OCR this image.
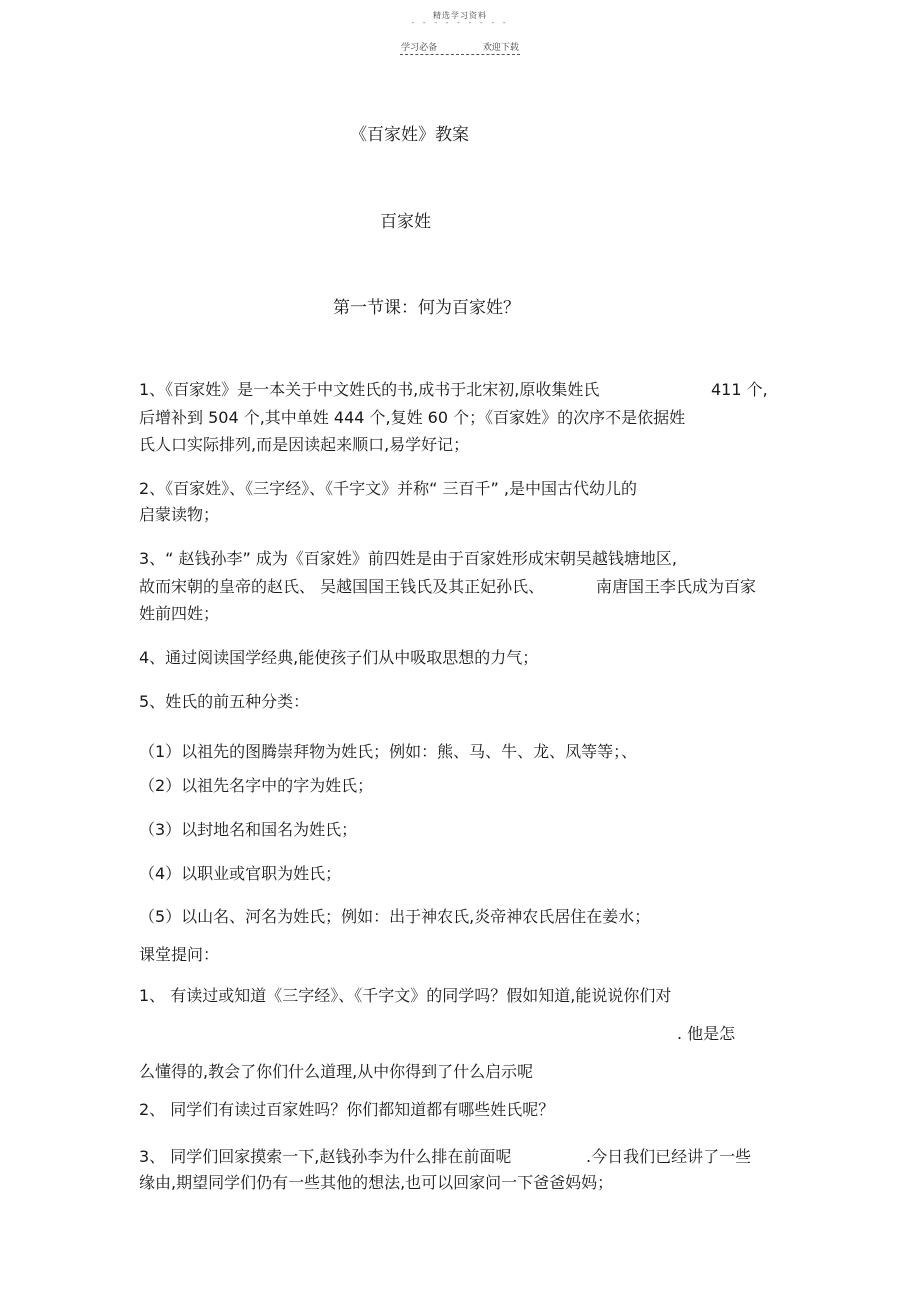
精选学习资料
- - - - - - - - -
学习必备	欢迎下载
《百家姓》教案
百家姓
第一节课：何为百家姓？
1、《百家姓》是一本关于中文姓氏的书,成书于北宋初,原收集姓氏	411 个,
后增补到 504 个,其中单姓 444 个,复姓 60 个；《百家姓》的次序不是依据姓
氏人口实际排列,而是因读起来顺口,易学好记；
2、《百家姓》、《三字经》、《千字文》并称“ 三百千” ,是中国古代幼儿的
启蒙读物；
3、“ 赵钱孙李” 成为《百家姓》前四姓是由于百家姓形成宋朝吴越钱塘地区,
故而宋朝的皇帝的赵氏、 吴越国国王钱氏及其正妃孙氏、	南唐国王李氏成为百家
姓前四姓；
4、通过阅读国学经典,能使孩子们从中吸取思想的力气；
5、姓氏的前五种分类：
（1）以祖先的图腾崇拜物为姓氏；例如：熊、马、牛、龙、凤等等；、
（2）以祖先名字中的字为姓氏；
（3）以封地名和国名为姓氏；
（4）以职业或官职为姓氏；
（5）以山名、河名为姓氏；例如：出于神农氏,炎帝神农氏居住在姜水；
课堂提问：
1、 有读过或知道《三字经》、《千字文》的同学吗？假如知道,能说说你们对
. 他是怎
么懂得的,教会了你们什么道理,从中你得到了什么启示呢
2、 同学们有读过百家姓吗？你们都知道都有哪些姓氏呢？
3、 同学们回家摸索一下,赵钱孙李为什么排在前面呢	.今日我们已经讲了一些
缘由,期望同学们仍有一些其他的想法,也可以回家问一下爸爸妈妈；
